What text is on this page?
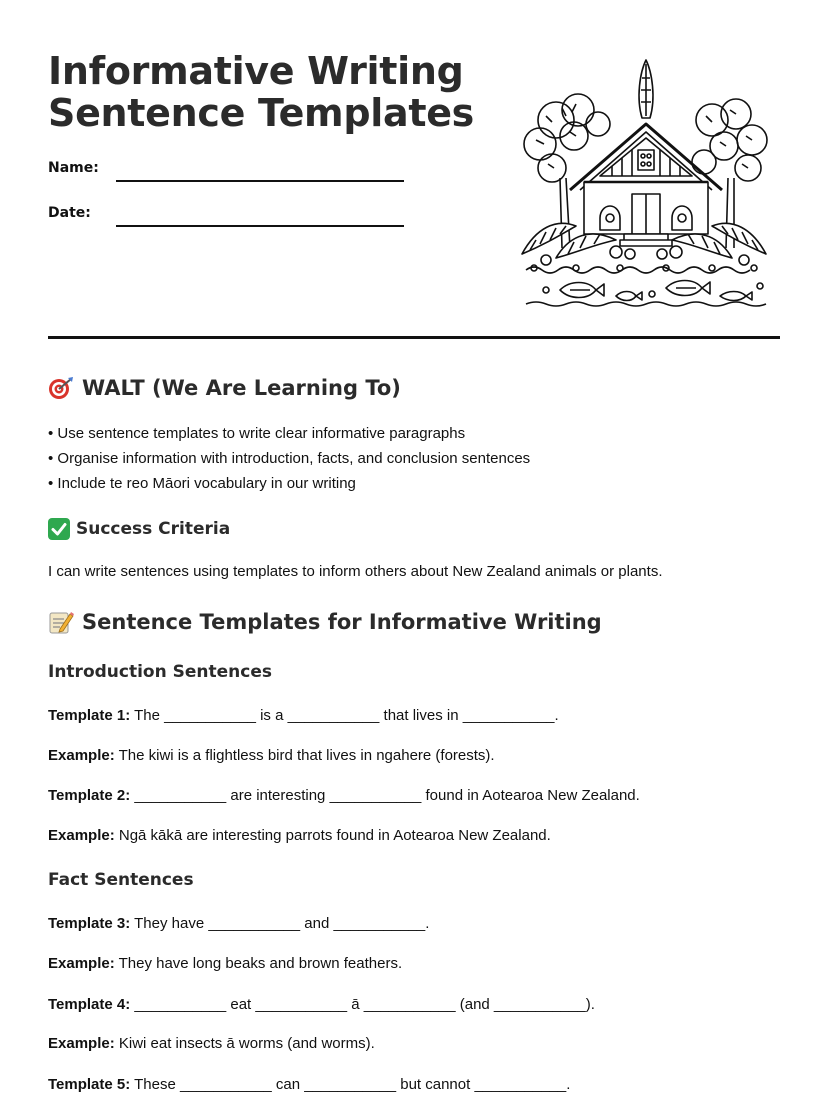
Informative Writing
Sentence Templates
Name:
Date:
WALT (We Are Learning To)

• Use sentence templates to write clear informative paragraphs

• Organise information with introduction, facts, and conclusion sentences

• Include te reo Māori vocabulary in our writing

Success Criteria

I can write sentences using templates to inform others about New Zealand animals or plants.

Sentence Templates for Informative Writing
Introduction Sentences

Template 1: The ___________ is a ___________ that lives in ___________.

Example: The kiwi is a flightless bird that lives in ngahere (forests).

Template 2: ___________ are interesting ___________ found in Aotearoa New Zealand.

Example: Ngā kākā are interesting parrots found in Aotearoa New Zealand.

Fact Sentences

Template 3: They have ___________ and ___________.

Example: They have long beaks and brown feathers.

Template 4: ___________ eat ___________ ā ___________ (and ___________).

Example: Kiwi eat insects ā worms (and worms).

Template 5: These ___________ can ___________ but cannot ___________.
